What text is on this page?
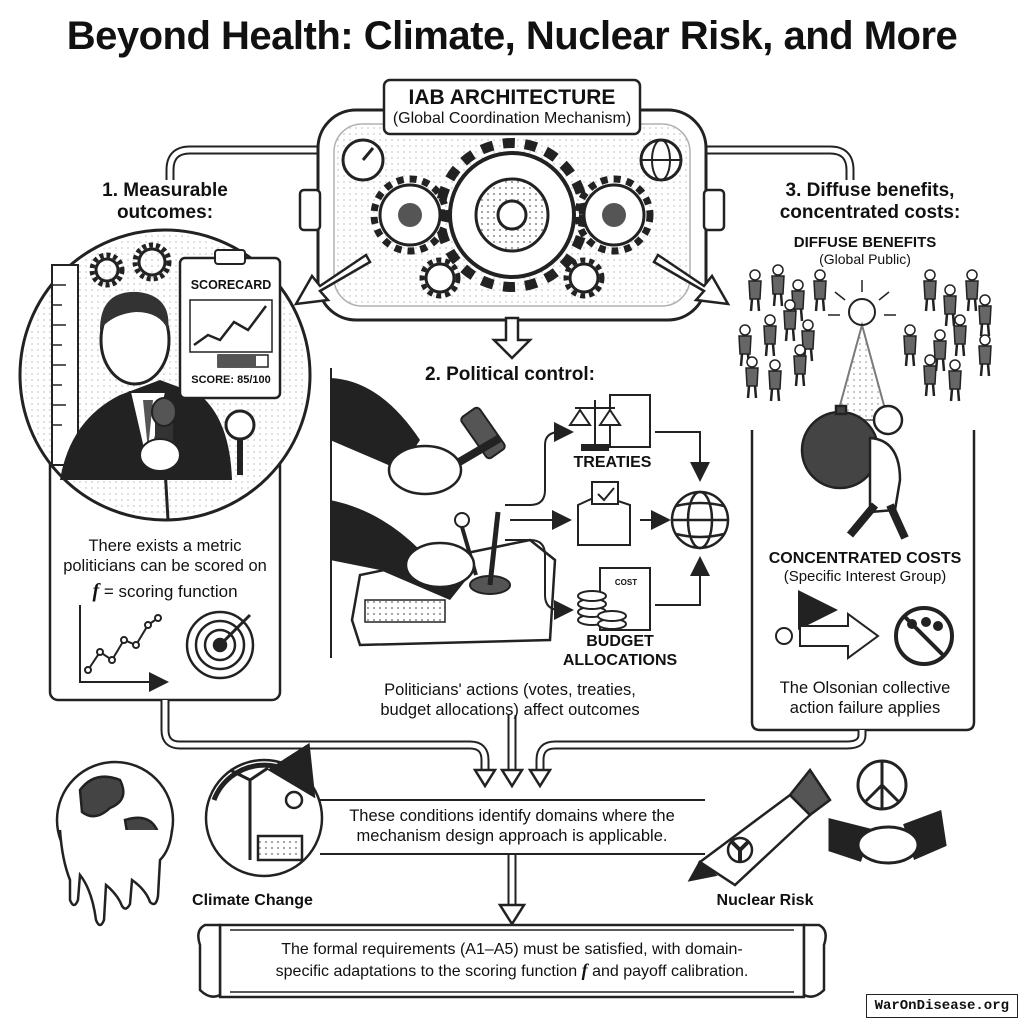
Beyond Health: Climate, Nuclear Risk, and More
IAB ARCHITECTURE
(Global Coordination Mechanism)
1. Measurable
outcomes:
SCORECARD
SCORE: 85/100
There exists a metric
politicians can be scored on
f = scoring function
2. Political control:
TREATIES
COST
BUDGET
ALLOCATIONS
Politicians' actions (votes, treaties,
budget allocations) affect outcomes
3. Diffuse benefits,
concentrated costs:
DIFFUSE BENEFITS
(Global Public)
CONCENTRATED COSTS
(Specific Interest Group)
The Olsonian collective
action failure applies
These conditions identify domains where the
mechanism design approach is applicable.
Climate Change	Nuclear Risk
The formal requirements (A1–A5) must be satisfied, with domain-
specific adaptations to the scoring function f and payoff calibration.
WarOnDisease.org
